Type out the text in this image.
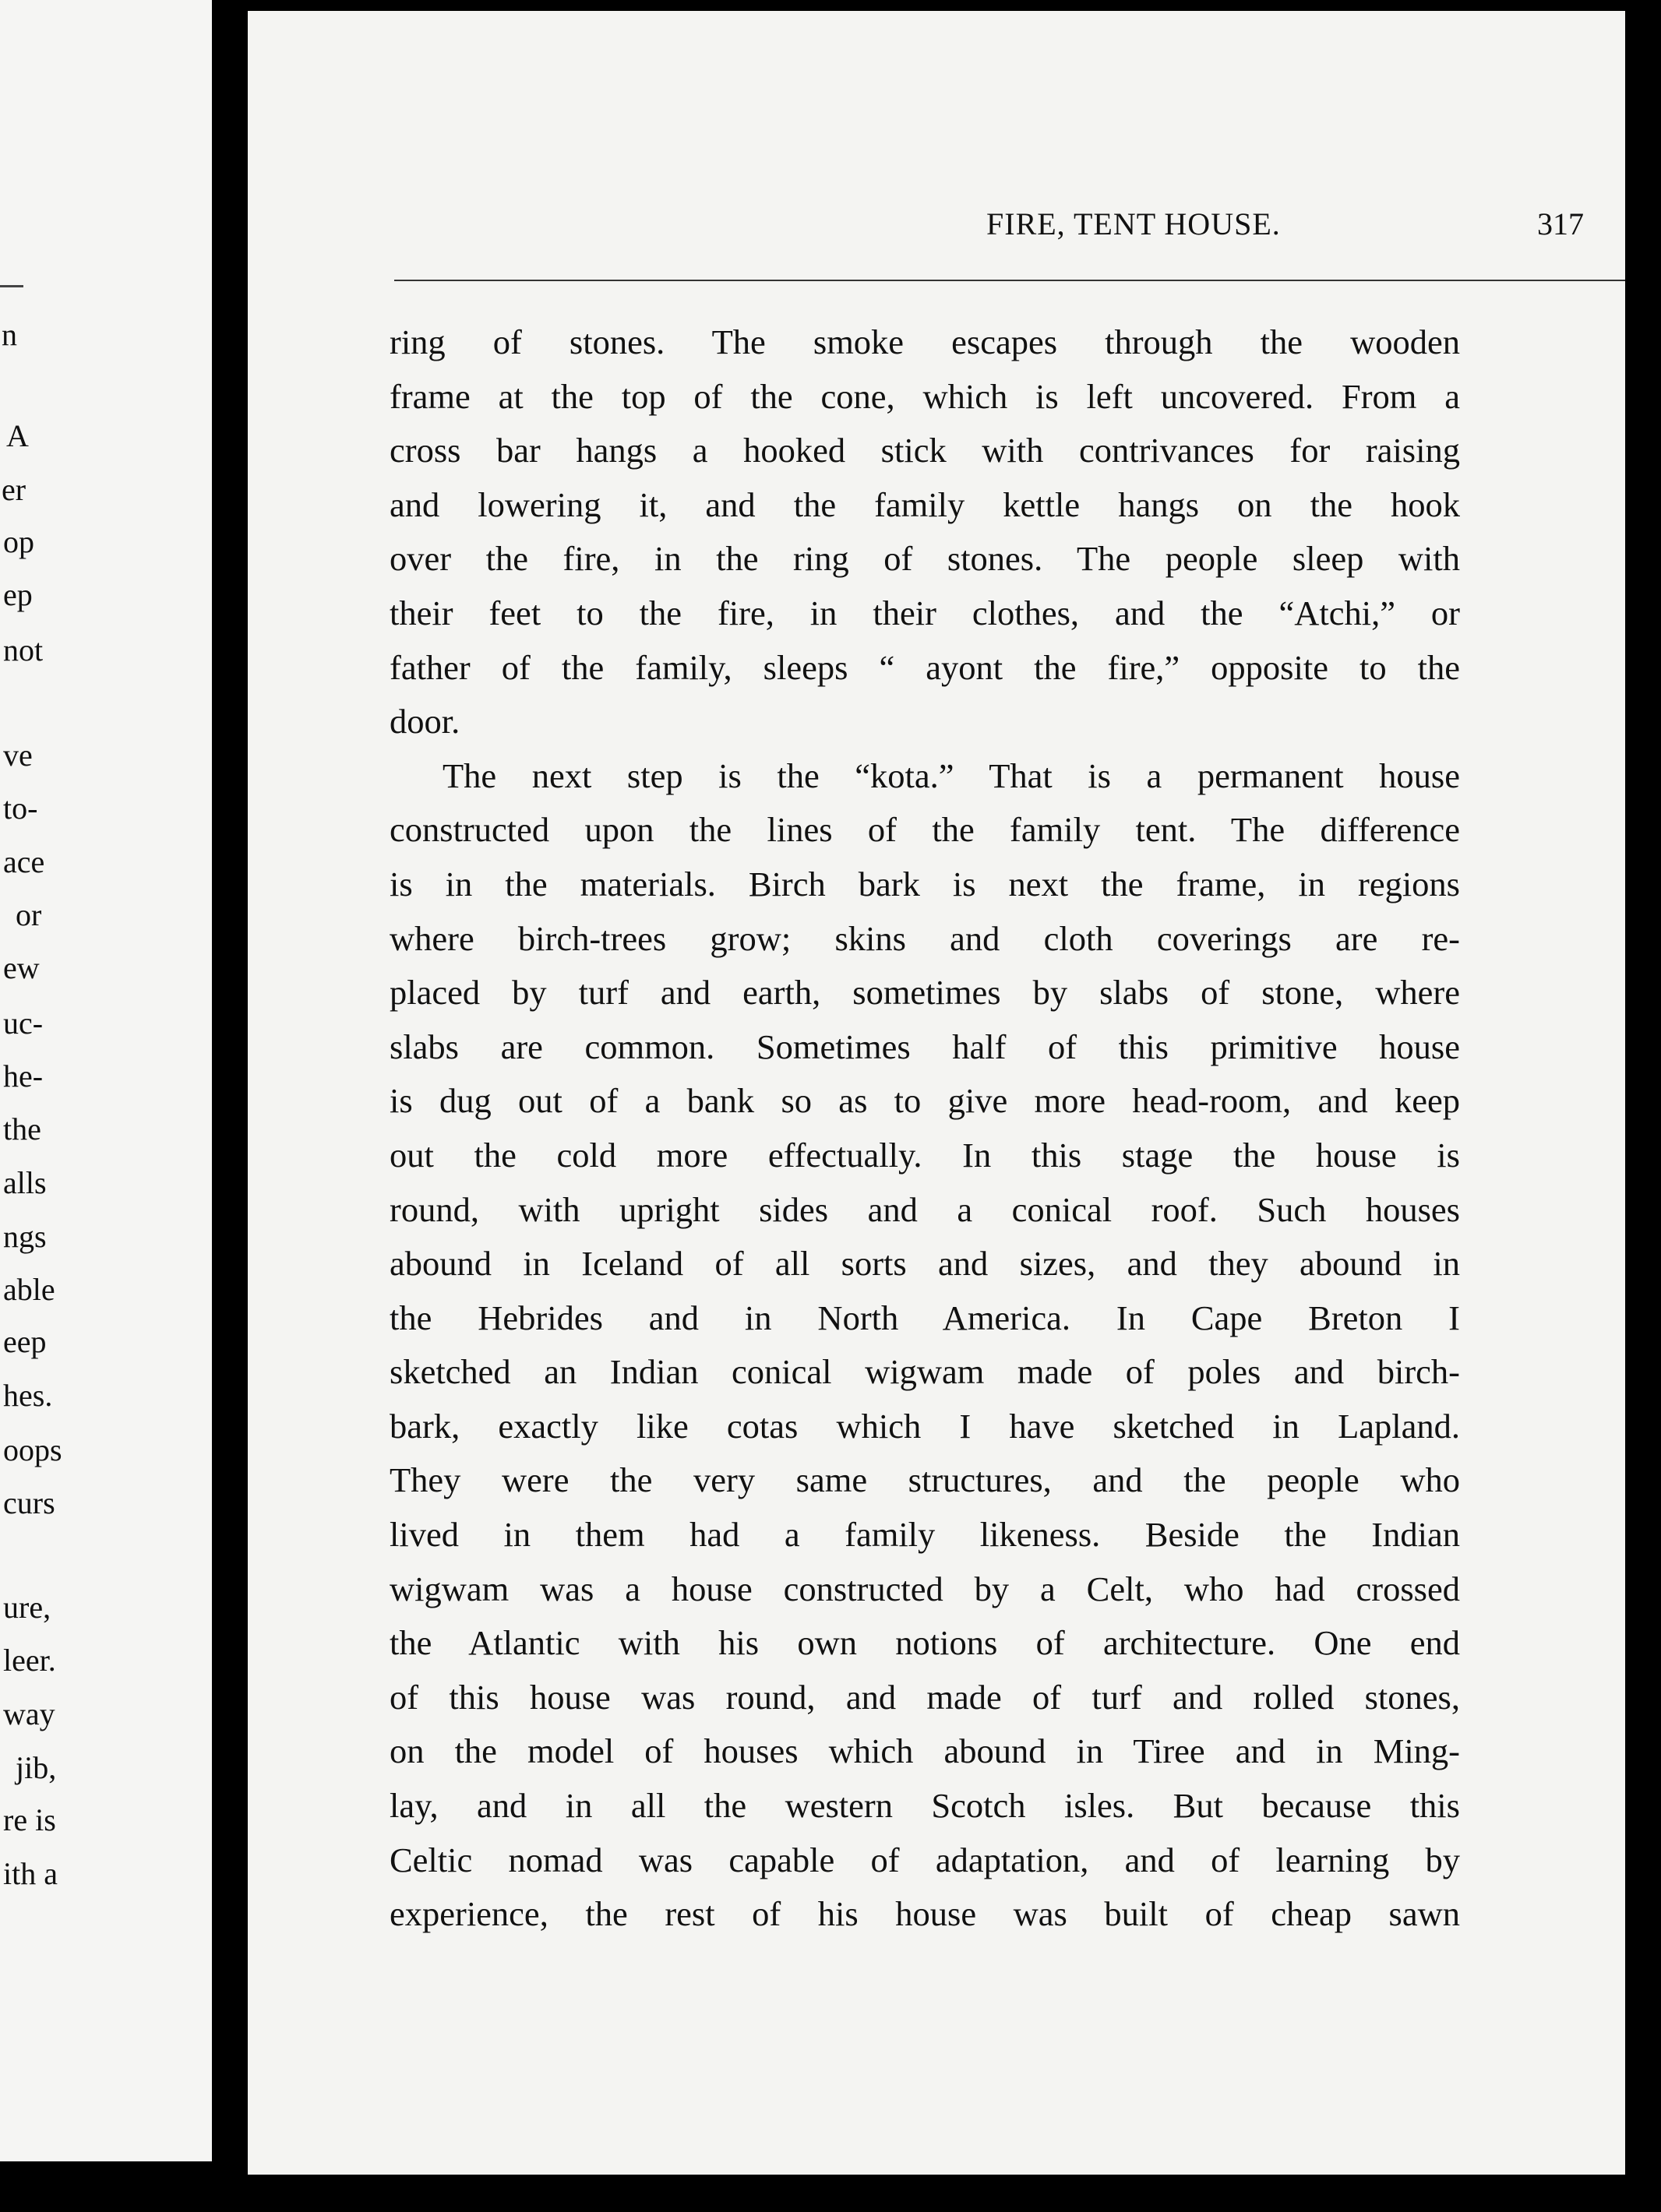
n
A
er
op
ep
not
ve
to-
ace
or
ew
uc-
he-
the
alls
ngs
able
eep
hes.
oops
curs
ure,
leer.
way
jib,
re is
ith a
FIRE, TENT HOUSE.	317
ring of stones. The smoke escapes through the wooden
frame at the top of the cone, which is left uncovered. From a
cross bar hangs a hooked stick with contrivances for raising
and lowering it, and the family kettle hangs on the hook
over the fire, in the ring of stones. The people sleep with
their feet to the fire, in their clothes, and the “Atchi,” or
father of the family, sleeps “ ayont the fire,” opposite to the
door.
The next step is the “kota.” That is a permanent house
constructed upon the lines of the family tent. The difference
is in the materials. Birch bark is next the frame, in regions
where birch-trees grow; skins and cloth coverings are re-
placed by turf and earth, sometimes by slabs of stone, where
slabs are common. Sometimes half of this primitive house
is dug out of a bank so as to give more head-room, and keep
out the cold more effectually. In this stage the house is
round, with upright sides and a conical roof. Such houses
abound in Iceland of all sorts and sizes, and they abound in
the Hebrides and in North America. In Cape Breton I
sketched an Indian conical wigwam made of poles and birch-
bark, exactly like cotas which I have sketched in Lapland.
They were the very same structures, and the people who
lived in them had a family likeness. Beside the Indian
wigwam was a house constructed by a Celt, who had crossed
the Atlantic with his own notions of architecture. One end
of this house was round, and made of turf and rolled stones,
on the model of houses which abound in Tiree and in Ming-
lay, and in all the western Scotch isles. But because this
Celtic nomad was capable of adaptation, and of learning by
experience, the rest of his house was built of cheap sawn
